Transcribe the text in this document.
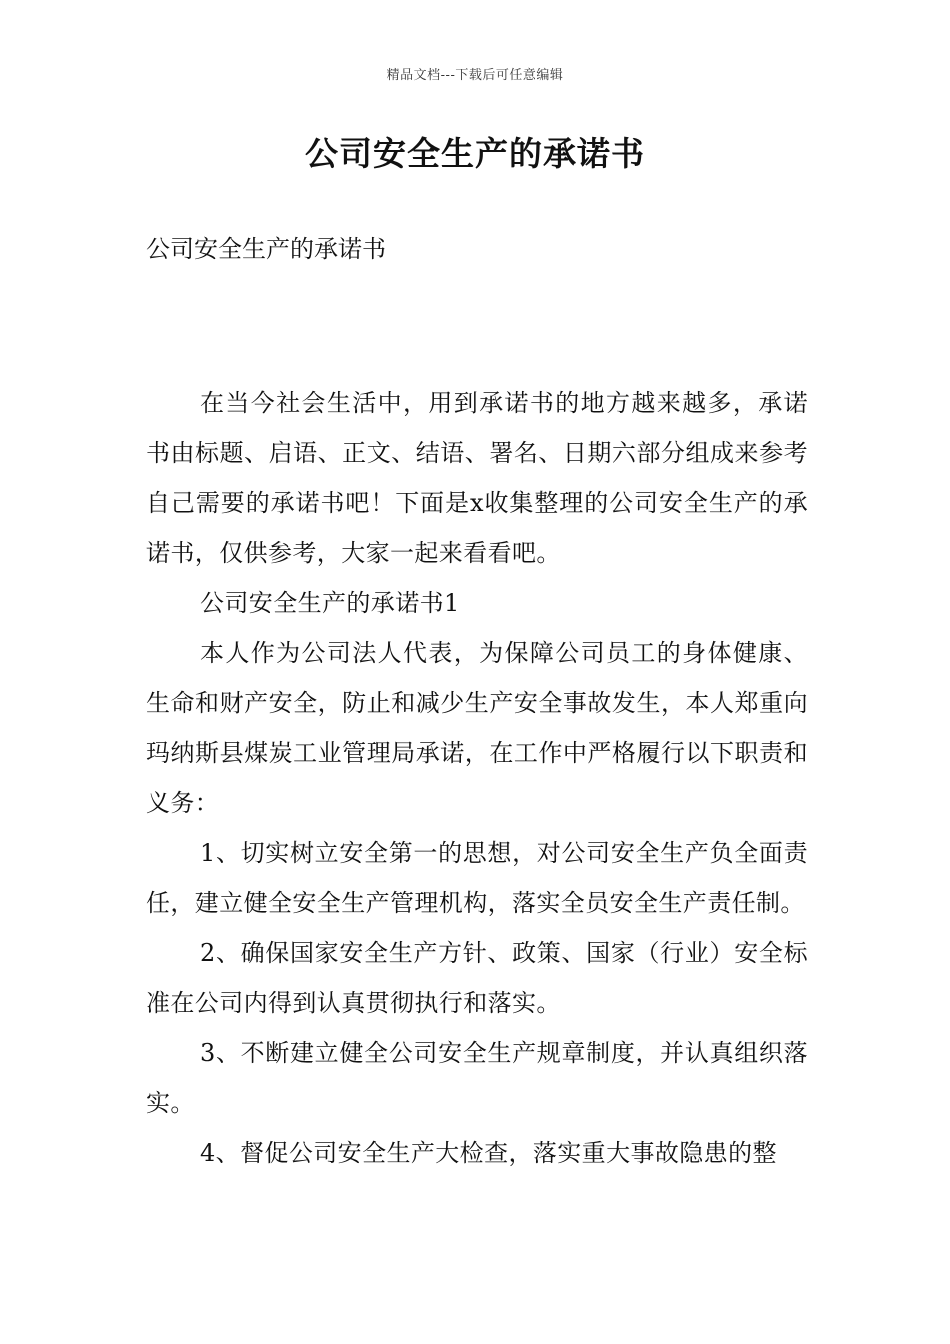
精品文档---下载后可任意编辑
公司安全生产的承诺书
公司安全生产的承诺书

在当今社会生活中，用到承诺书的地方越来越多，承诺书由标题、启语、正文、结语、署名、日期六部分组成来参考自己需要的承诺书吧！下面是x收集整理的公司安全生产的承诺书，仅供参考，大家一起来看看吧。

公司安全生产的承诺书1

本人作为公司法人代表，为保障公司员工的身体健康、生命和财产安全，防止和减少生产安全事故发生，本人郑重向玛纳斯县煤炭工业管理局承诺，在工作中严格履行以下职责和义务：

1、切实树立安全第一的思想，对公司安全生产负全面责任，建立健全安全生产管理机构，落实全员安全生产责任制。

2、确保国家安全生产方针、政策、国家（行业）安全标准在公司内得到认真贯彻执行和落实。

3、不断建立健全公司安全生产规章制度，并认真组织落实。

4、督促公司安全生产大检查，落实重大事故隐患的整
